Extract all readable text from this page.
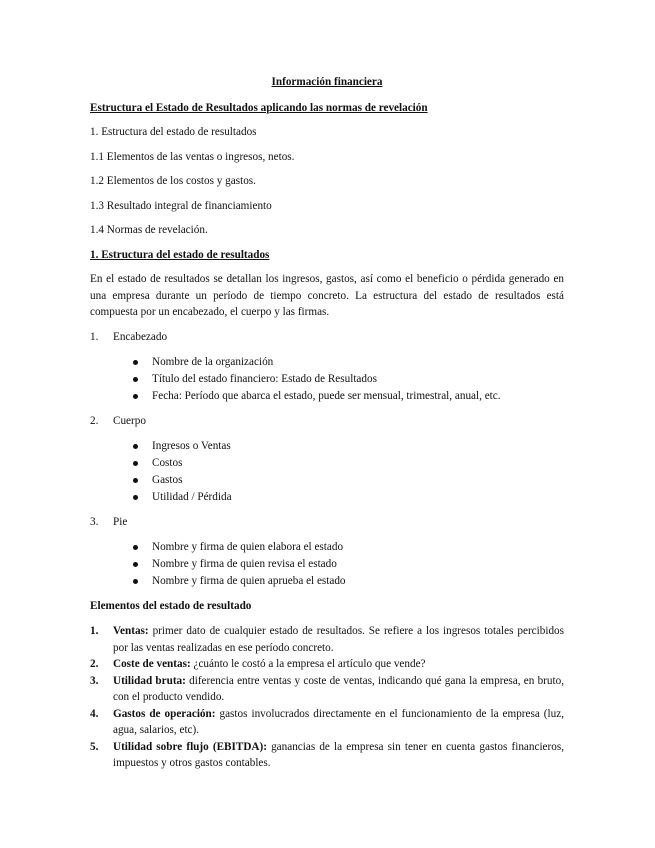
Información financiera

Estructura el Estado de Resultados aplicando las normas de revelación

1. Estructura del estado de resultados

1.1 Elementos de las ventas o ingresos, netos.

1.2 Elementos de los costos y gastos.

1.3 Resultado integral de financiamiento

1.4 Normas de revelación.

1. Estructura del estado de resultados

En el estado de resultados se detallan los ingresos, gastos, así como el beneficio o pérdida generado en una empresa durante un período de tiempo concreto. La estructura del estado de resultados está compuesta por un encabezado, el cuerpo y las firmas.

1.	Encabezado
Nombre de la organización
Título del estado financiero: Estado de Resultados
Fecha: Período que abarca el estado, puede ser mensual, trimestral, anual, etc.
2.	Cuerpo
Ingresos o Ventas
Costos
Gastos
Utilidad / Pérdida
3.	Pie
Nombre y firma de quien elabora el estado
Nombre y firma de quien revisa el estado
Nombre y firma de quien aprueba el estado

Elementos del estado de resultado

1.	Ventas: primer dato de cualquier estado de resultados. Se refiere a los ingresos totales percibidos por las ventas realizadas en ese período concreto.
2.	Coste de ventas: ¿cuánto le costó a la empresa el artículo que vende?
3.	Utilidad bruta: diferencia entre ventas y coste de ventas, indicando qué gana la empresa, en bruto, con el producto vendido.
4.	Gastos de operación: gastos involucrados directamente en el funcionamiento de la empresa (luz, agua, salarios, etc).
5.	Utilidad sobre flujo (EBITDA): ganancias de la empresa sin tener en cuenta gastos financieros, impuestos y otros gastos contables.
